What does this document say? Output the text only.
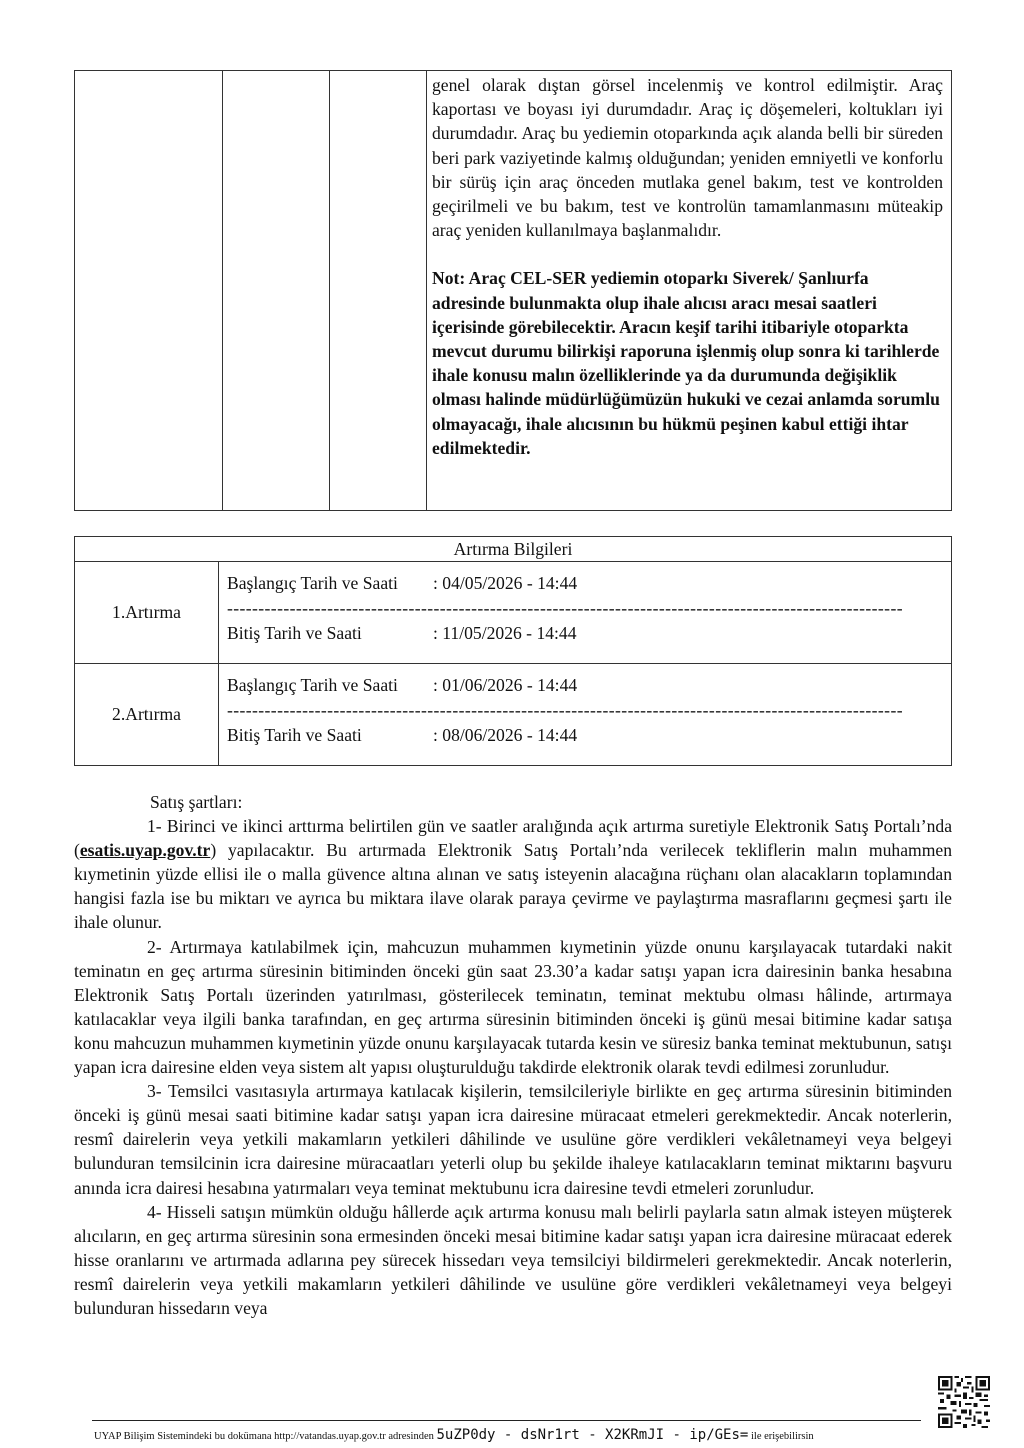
genel olarak dıştan görsel incelenmiş ve kontrol edilmiştir. Araç kaportası ve boyası iyi durumdadır. Araç iç döşemeleri, koltukları iyi durumdadır. Araç bu yediemin otoparkında açık alanda belli bir süreden beri park vaziyetinde kalmış olduğundan; yeniden emniyetli ve konforlu bir sürüş için araç önceden mutlaka genel bakım, test ve kontrolden geçirilmeli ve bu bakım, test ve kontrolün tamamlanmasını müteakip araç yeniden kullanılmaya başlanmalıdır.

Not: Araç CEL-SER yediemin otoparkı Siverek/ Şanlıurfa adresinde bulunmakta olup ihale alıcısı aracı mesai saatleri içerisinde görebilecektir. Aracın keşif tarihi itibariyle otoparkta mevcut durumu bilirkişi raporuna işlenmiş olup sonra ki tarihlerde ihale konusu malın özelliklerinde ya da durumunda değişiklik olması halinde müdürlüğümüzün hukuki ve cezai anlamda sorumlu olmayacağı, ihale alıcısının bu hükmü peşinen kabul ettiği ihtar edilmektedir.

Artırma Bilgileri
1.Artırma
Başlangıç Tarih ve Saati : 04/05/2026 - 14:44
------------------------------------------------------------------------------------------------------------
Bitiş Tarih ve Saati	: 11/05/2026 - 14:44
2.Artırma
Başlangıç Tarih ve Saati : 01/06/2026 - 14:44
------------------------------------------------------------------------------------------------------------
Bitiş Tarih ve Saati	: 08/06/2026 - 14:44

Satış şartları:

1- Birinci ve ikinci arttırma belirtilen gün ve saatler aralığında açık artırma suretiyle Elektronik Satış Portalı’nda (esatis.uyap.gov.tr) yapılacaktır. Bu artırmada Elektronik Satış Portalı’nda verilecek tekliflerin malın muhammen kıymetinin yüzde ellisi ile o malla güvence altına alınan ve satış isteyenin alacağına rüçhanı olan alacakların toplamından hangisi fazla ise bu miktarı ve ayrıca bu miktara ilave olarak paraya çevirme ve paylaştırma masraflarını geçmesi şartı ile ihale olunur.

2- Artırmaya katılabilmek için, mahcuzun muhammen kıymetinin yüzde onunu karşılayacak tutardaki nakit teminatın en geç artırma süresinin bitiminden önceki gün saat 23.30’a kadar satışı yapan icra dairesinin banka hesabına Elektronik Satış Portalı üzerinden yatırılması, gösterilecek teminatın, teminat mektubu olması hâlinde, artırmaya katılacaklar veya ilgili banka tarafından, en geç artırma süresinin bitiminden önceki iş günü mesai bitimine kadar satışa konu mahcuzun muhammen kıymetinin yüzde onunu karşılayacak tutarda kesin ve süresiz banka teminat mektubunun, satışı yapan icra dairesine elden veya sistem alt yapısı oluşturulduğu takdirde elektronik olarak tevdi edilmesi zorunludur.

3- Temsilci vasıtasıyla artırmaya katılacak kişilerin, temsilcileriyle birlikte en geç artırma süresinin bitiminden önceki iş günü mesai saati bitimine kadar satışı yapan icra dairesine müracaat etmeleri gerekmektedir. Ancak noterlerin, resmî dairelerin veya yetkili makamların yetkileri dâhilinde ve usulüne göre verdikleri vekâletnameyi veya belgeyi bulunduran temsilcinin icra dairesine müracaatları yeterli olup bu şekilde ihaleye katılacakların teminat miktarını başvuru anında icra dairesi hesabına yatırmaları veya teminat mektubunu icra dairesine tevdi etmeleri zorunludur.

4- Hisseli satışın mümkün olduğu hâllerde açık artırma konusu malı belirli paylarla satın almak isteyen müşterek alıcıların, en geç artırma süresinin sona ermesinden önceki mesai bitimine kadar satışı yapan icra dairesine müracaat ederek hisse oranlarını ve artırmada adlarına pey sürecek hissedarı veya temsilciyi bildirmeleri gerekmektedir. Ancak noterlerin, resmî dairelerin veya yetkili makamların yetkileri dâhilinde ve usulüne göre verdikleri vekâletnameyi veya belgeyi bulunduran hissedarın veya

UYAP Bilişim Sistemindeki bu dokümana http://vatandas.uyap.gov.tr adresinden 5uZP0dy - dsNr1rt - X2KRmJI - ip/GEs= ile erişebilirsin
